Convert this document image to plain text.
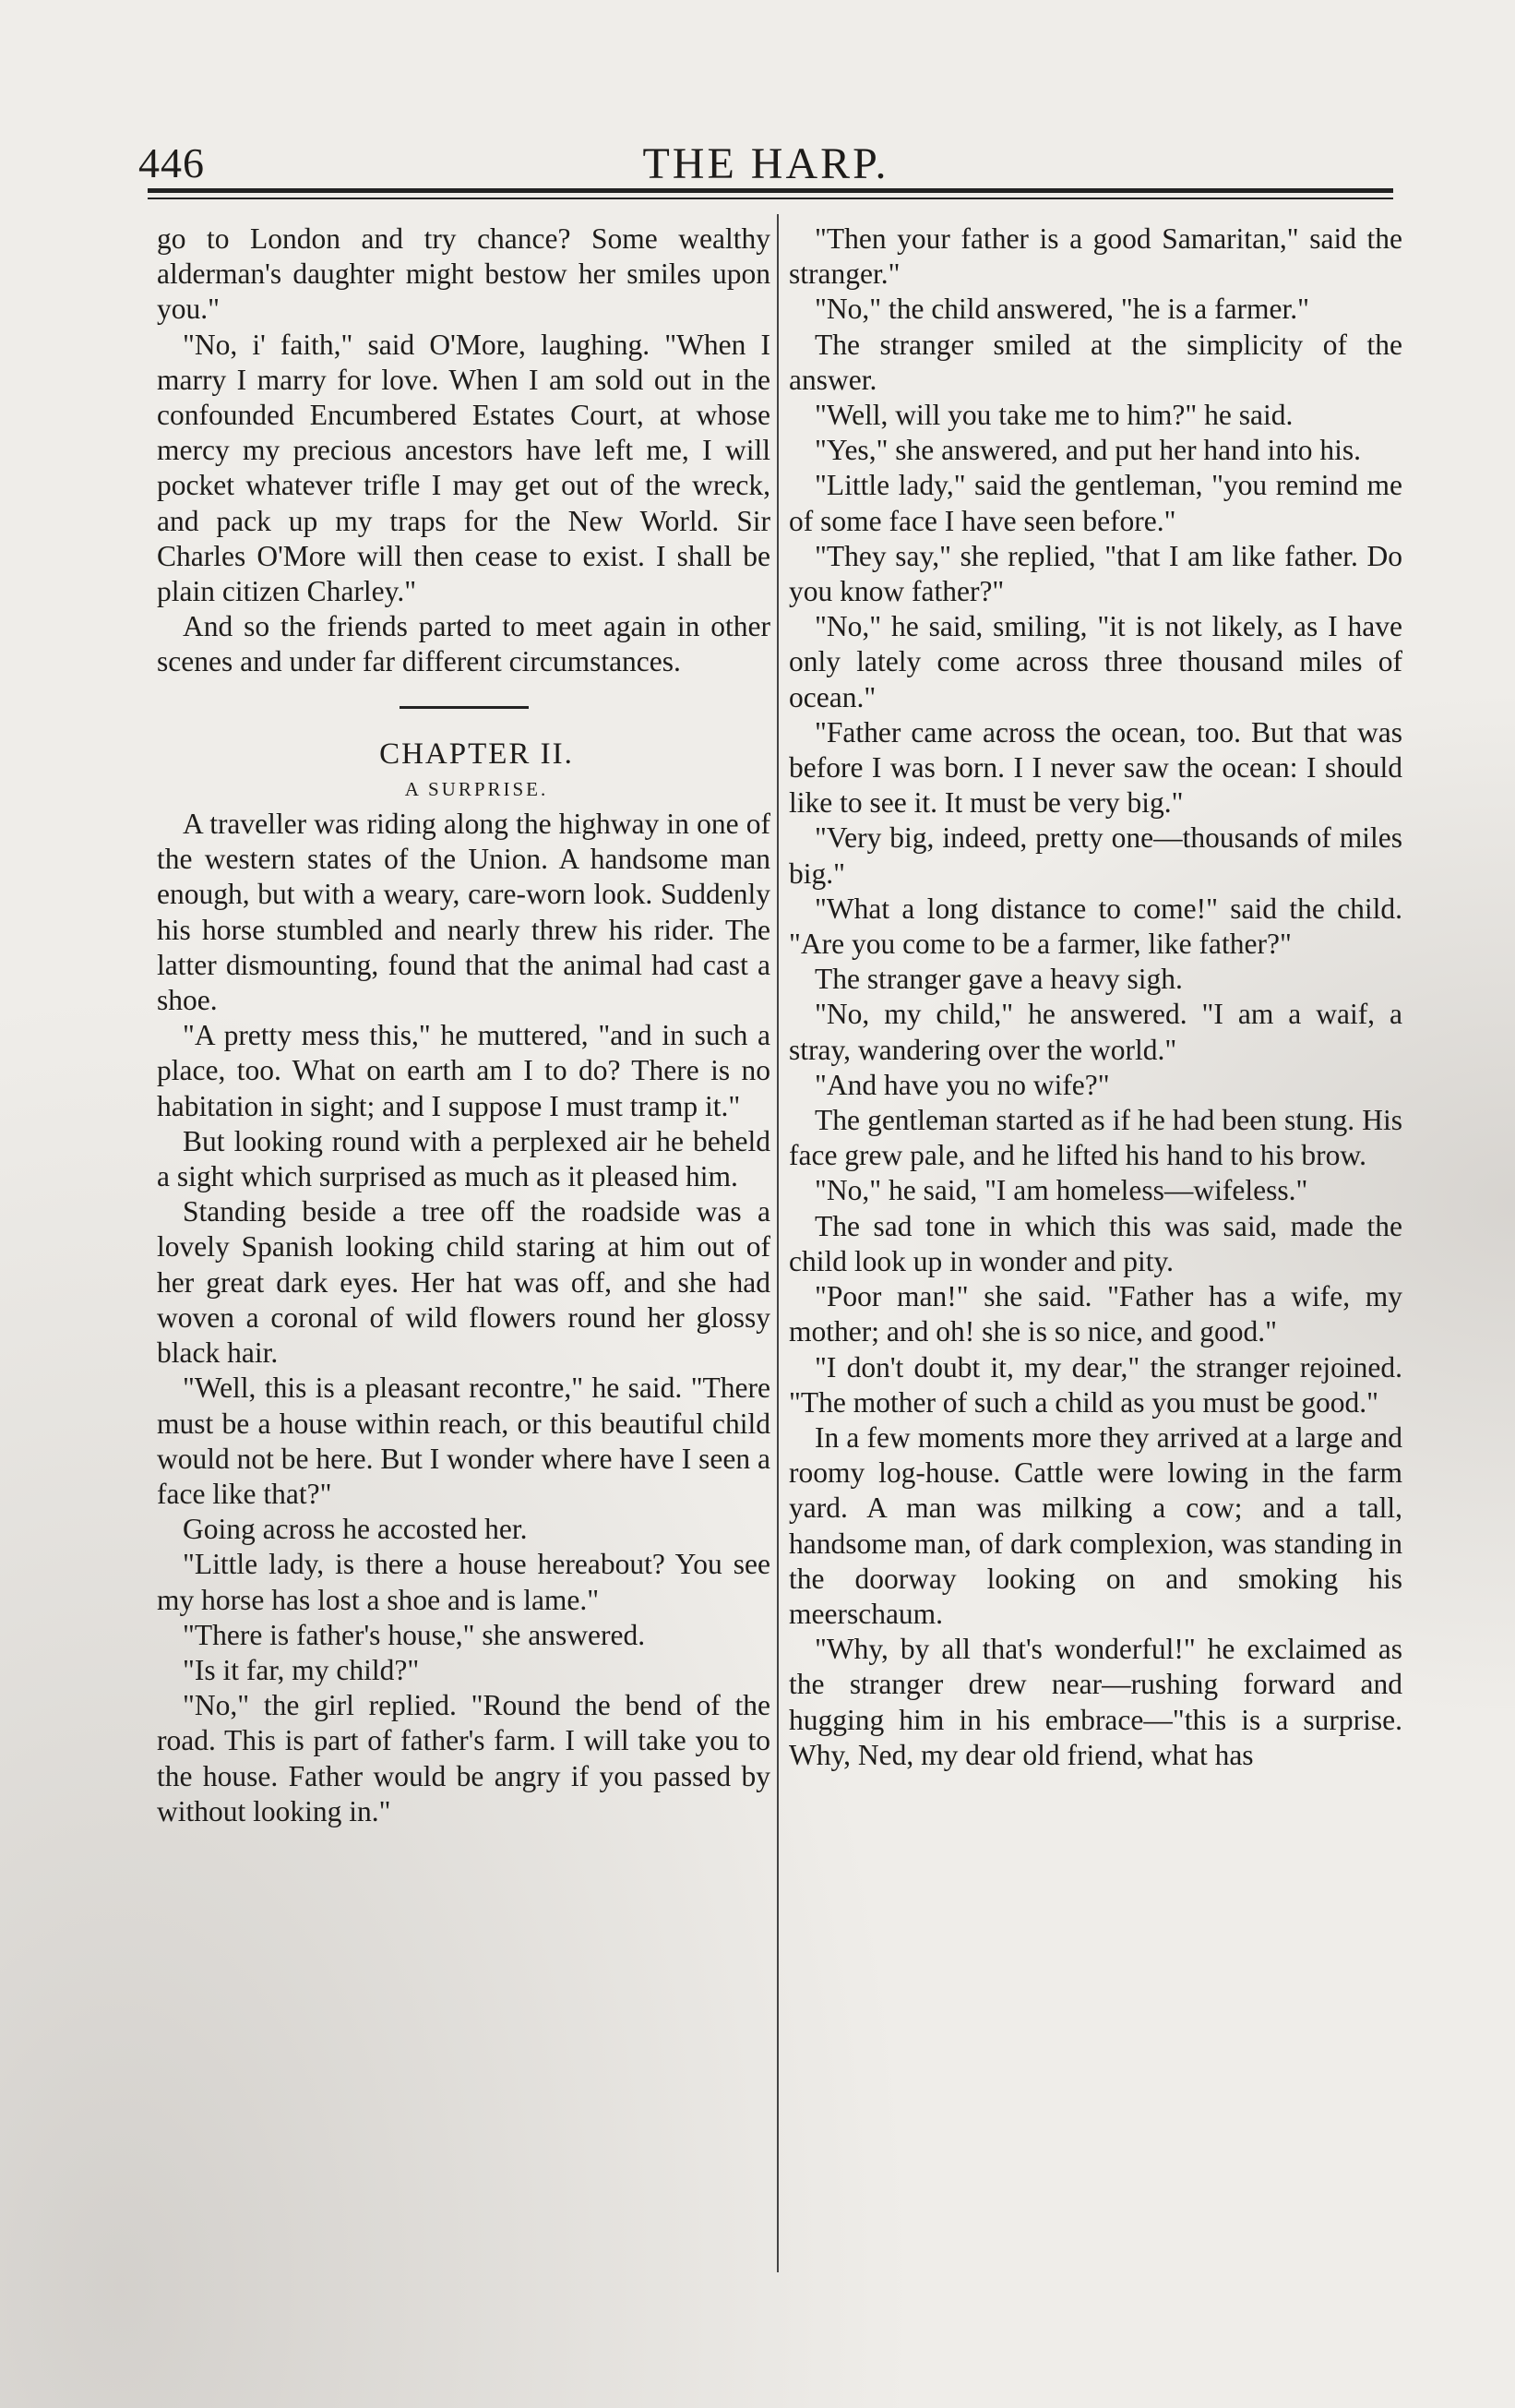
446	THE HARP.

go to London and try chance? Some wealthy alderman's daughter might bestow her smiles upon you."

"No, i' faith," said O'More, laughing. "When I marry I marry for love. When I am sold out in the confounded Encumbered Estates Court, at whose mercy my precious ancestors have left me, I will pocket whatever trifle I may get out of the wreck, and pack up my traps for the New World. Sir Charles O'More will then cease to exist. I shall be plain citizen Charley."

And so the friends parted to meet again in other scenes and under far different circumstances.

CHAPTER II.

A SURPRISE.

A traveller was riding along the highway in one of the western states of the Union. A handsome man enough, but with a weary, care-worn look. Suddenly his horse stumbled and nearly threw his rider. The latter dismounting, found that the animal had cast a shoe.

"A pretty mess this," he muttered, "and in such a place, too. What on earth am I to do? There is no habitation in sight; and I suppose I must tramp it."

But looking round with a perplexed air he beheld a sight which surprised as much as it pleased him.

Standing beside a tree off the roadside was a lovely Spanish looking child staring at him out of her great dark eyes. Her hat was off, and she had woven a coronal of wild flowers round her glossy black hair.

"Well, this is a pleasant recontre," he said. "There must be a house within reach, or this beautiful child would not be here. But I wonder where have I seen a face like that?"

Going across he accosted her.

"Little lady, is there a house hereabout? You see my horse has lost a shoe and is lame."

"There is father's house," she answered.

"Is it far, my child?"

"No," the girl replied. "Round the bend of the road. This is part of father's farm. I will take you to the house. Father would be angry if you passed by without looking in."

"Then your father is a good Samaritan," said the stranger."

"No," the child answered, "he is a farmer."

The stranger smiled at the simplicity of the answer.

"Well, will you take me to him?" he said.

"Yes," she answered, and put her hand into his.

"Little lady," said the gentleman, "you remind me of some face I have seen before."

"They say," she replied, "that I am like father. Do you know father?"

"No," he said, smiling, "it is not likely, as I have only lately come across three thousand miles of ocean."

"Father came across the ocean, too. But that was before I was born. I I never saw the ocean: I should like to see it. It must be very big."

"Very big, indeed, pretty one—thousands of miles big."

"What a long distance to come!" said the child. "Are you come to be a farmer, like father?"

The stranger gave a heavy sigh.

"No, my child," he answered. "I am a waif, a stray, wandering over the world."

"And have you no wife?"

The gentleman started as if he had been stung. His face grew pale, and he lifted his hand to his brow.

"No," he said, "I am homeless—wifeless."

The sad tone in which this was said, made the child look up in wonder and pity.

"Poor man!" she said. "Father has a wife, my mother; and oh! she is so nice, and good."

"I don't doubt it, my dear," the stranger rejoined. "The mother of such a child as you must be good."

In a few moments more they arrived at a large and roomy log-house. Cattle were lowing in the farm yard. A man was milking a cow; and a tall, handsome man, of dark complexion, was standing in the doorway looking on and smoking his meerschaum.

"Why, by all that's wonderful!" he exclaimed as the stranger drew near—rushing forward and hugging him in his embrace—"this is a surprise. Why, Ned, my dear old friend, what has
